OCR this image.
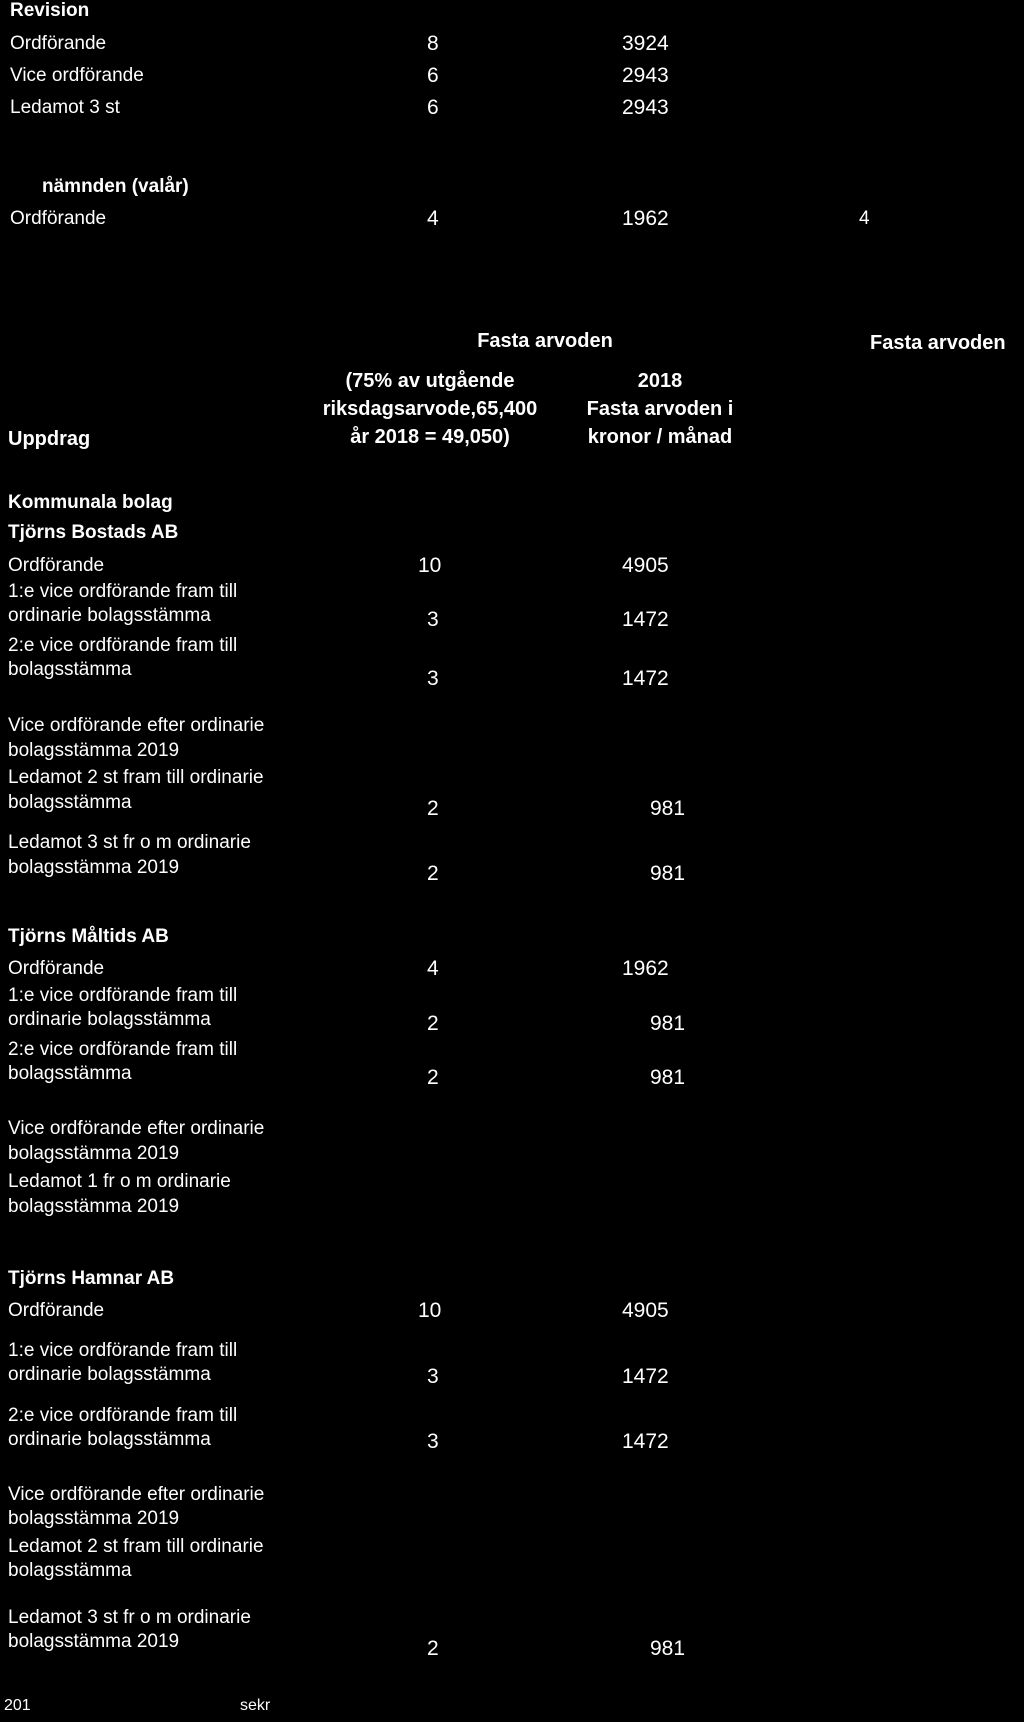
Revision
Ordförande	8	3924
Vice ordförande	6	2943
Ledamot 3 st	6	2943
nämnden (valår)
Ordförande	4	1962	4
Fasta arvoden	Fasta arvoden
(75% av utgående
riksdagsarvode,65,400
år 2018 = 49,050)
2018
Fasta arvoden i
kronor / månad
Uppdrag
Kommunala bolag
Tjörns Bostads AB
Ordförande	10	4905
1:e vice ordförande fram till
ordinarie bolagsstämma	3	1472
2:e vice ordförande fram till
bolagsstämma	3	1472
Vice ordförande efter ordinarie
bolagsstämma 2019
Ledamot 2 st fram till ordinarie
bolagsstämma	2	981
Ledamot 3 st fr o m ordinarie
bolagsstämma 2019	2	981
Tjörns Måltids AB
Ordförande	4	1962
1:e vice ordförande fram till
ordinarie bolagsstämma	2	981
2:e vice ordförande fram till
bolagsstämma	2	981
Vice ordförande efter ordinarie
bolagsstämma 2019
Ledamot 1 fr o m ordinarie
bolagsstämma 2019
Tjörns Hamnar AB
Ordförande	10	4905
1:e vice ordförande fram till
ordinarie bolagsstämma	3	1472
2:e vice ordförande fram till
ordinarie bolagsstämma	3	1472
Vice ordförande efter ordinarie
bolagsstämma 2019
Ledamot 2 st fram till ordinarie
bolagsstämma
Ledamot 3 st fr o m ordinarie
bolagsstämma 2019	2	981
201	sekr
